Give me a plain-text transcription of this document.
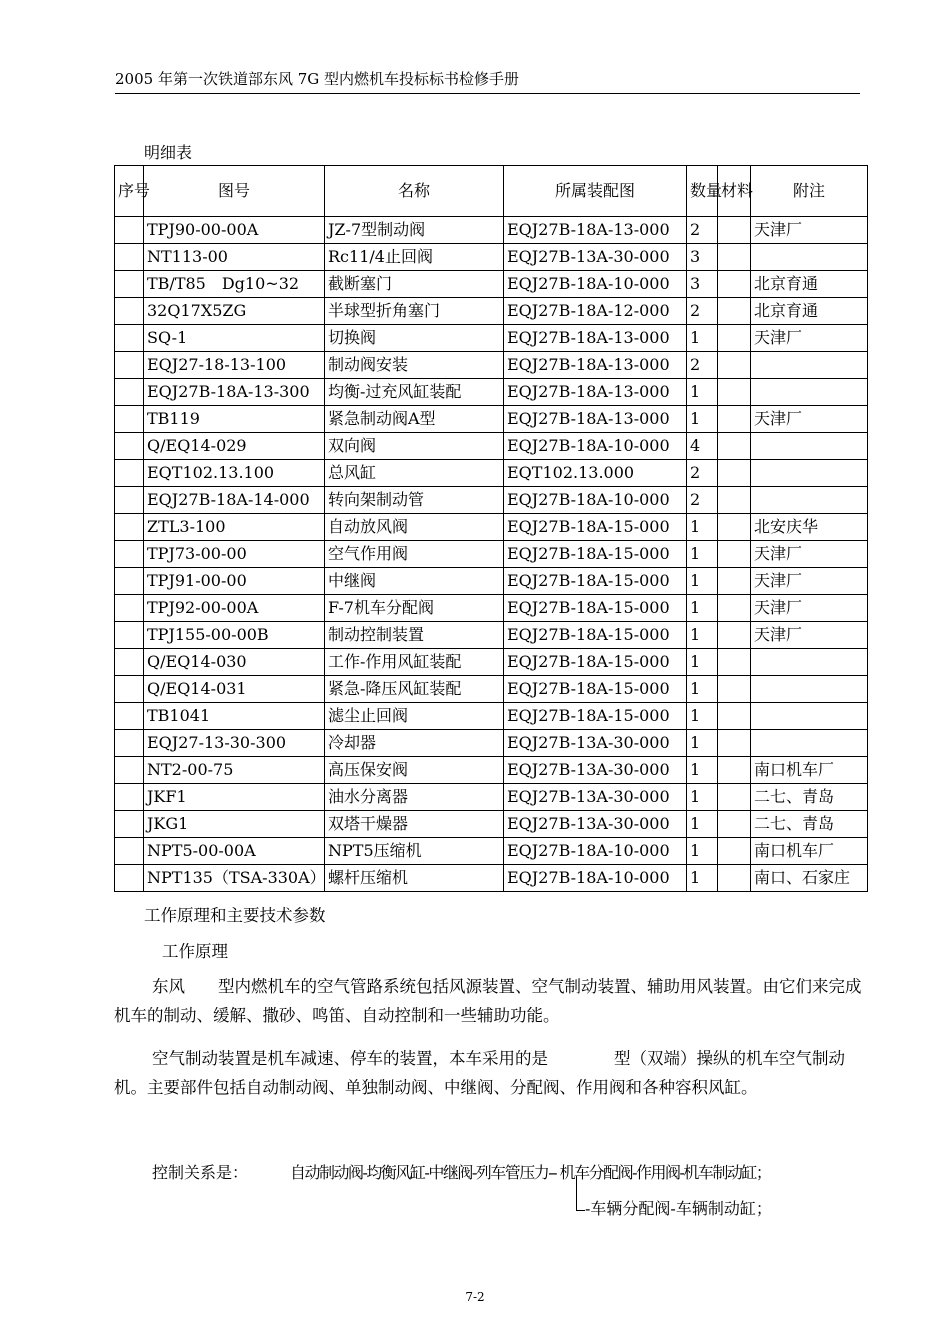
2005 年第一次铁道部东风 7G 型内燃机车投标标书检修手册
明细表
序号	图号	名称	所属装配图	数量	材料	附注
	TPJ90-00-00A	JZ-7型制动阀	EQJ27B-18A-13-000	2		天津厂
	NT113-00	Rc11/4止回阀	EQJ27B-13A-30-000	3		
	TB/T85　Dg10~32	截断塞门	EQJ27B-18A-10-000	3		北京育通
	32Q17X5ZG	半球型折角塞门	EQJ27B-18A-12-000	2		北京育通
	SQ-1	切换阀	EQJ27B-18A-13-000	1		天津厂
	EQJ27-18-13-100	制动阀安装	EQJ27B-18A-13-000	2		
	EQJ27B-18A-13-300	均衡-过充风缸装配	EQJ27B-18A-13-000	1		
	TB119	紧急制动阀A型	EQJ27B-18A-13-000	1		天津厂
	Q/EQ14-029	双向阀	EQJ27B-18A-10-000	4		
	EQT102.13.100	总风缸	EQT102.13.000	2		
	EQJ27B-18A-14-000	转向架制动管	EQJ27B-18A-10-000	2		
	ZTL3-100	自动放风阀	EQJ27B-18A-15-000	1		北安庆华
	TPJ73-00-00	空气作用阀	EQJ27B-18A-15-000	1		天津厂
	TPJ91-00-00	中继阀	EQJ27B-18A-15-000	1		天津厂
	TPJ92-00-00A	F-7机车分配阀	EQJ27B-18A-15-000	1		天津厂
	TPJ155-00-00B	制动控制装置	EQJ27B-18A-15-000	1		天津厂
	Q/EQ14-030	工作-作用风缸装配	EQJ27B-18A-15-000	1		
	Q/EQ14-031	紧急-降压风缸装配	EQJ27B-18A-15-000	1		
	TB1041	滤尘止回阀	EQJ27B-18A-15-000	1		
	EQJ27-13-30-300	冷却器	EQJ27B-13A-30-000	1		
	NT2-00-75	高压保安阀	EQJ27B-13A-30-000	1		南口机车厂
	JKF1	油水分离器	EQJ27B-13A-30-000	1		二七、青岛
	JKG1	双塔干燥器	EQJ27B-13A-30-000	1		二七、青岛
	NPT5-00-00A	NPT5压缩机	EQJ27B-18A-10-000	1		南口机车厂
	NPT135（TSA-330A）	螺杆压缩机	EQJ27B-18A-10-000	1		南口、石家庄
工作原理和主要技术参数
工作原理
东风　　型内燃机车的空气管路系统包括风源装置、空气制动装置、辅助用风装置。由它们来完成机车的制动、缓解、撒砂、鸣笛、自动控制和一些辅助功能。
空气制动装置是机车减速、停车的装置，本车采用的是　　　　型（双端）操纵的机车空气制动机。主要部件包括自动制动阀、单独制动阀、中继阀、分配阀、作用阀和各种容积风缸。
控制关系是：	自动制动阀-均衡风缸-中继阀-列车管压力-- 机车分配阀-作用阀-机车制动缸；
-车辆分配阀-车辆制动缸；
7-2
